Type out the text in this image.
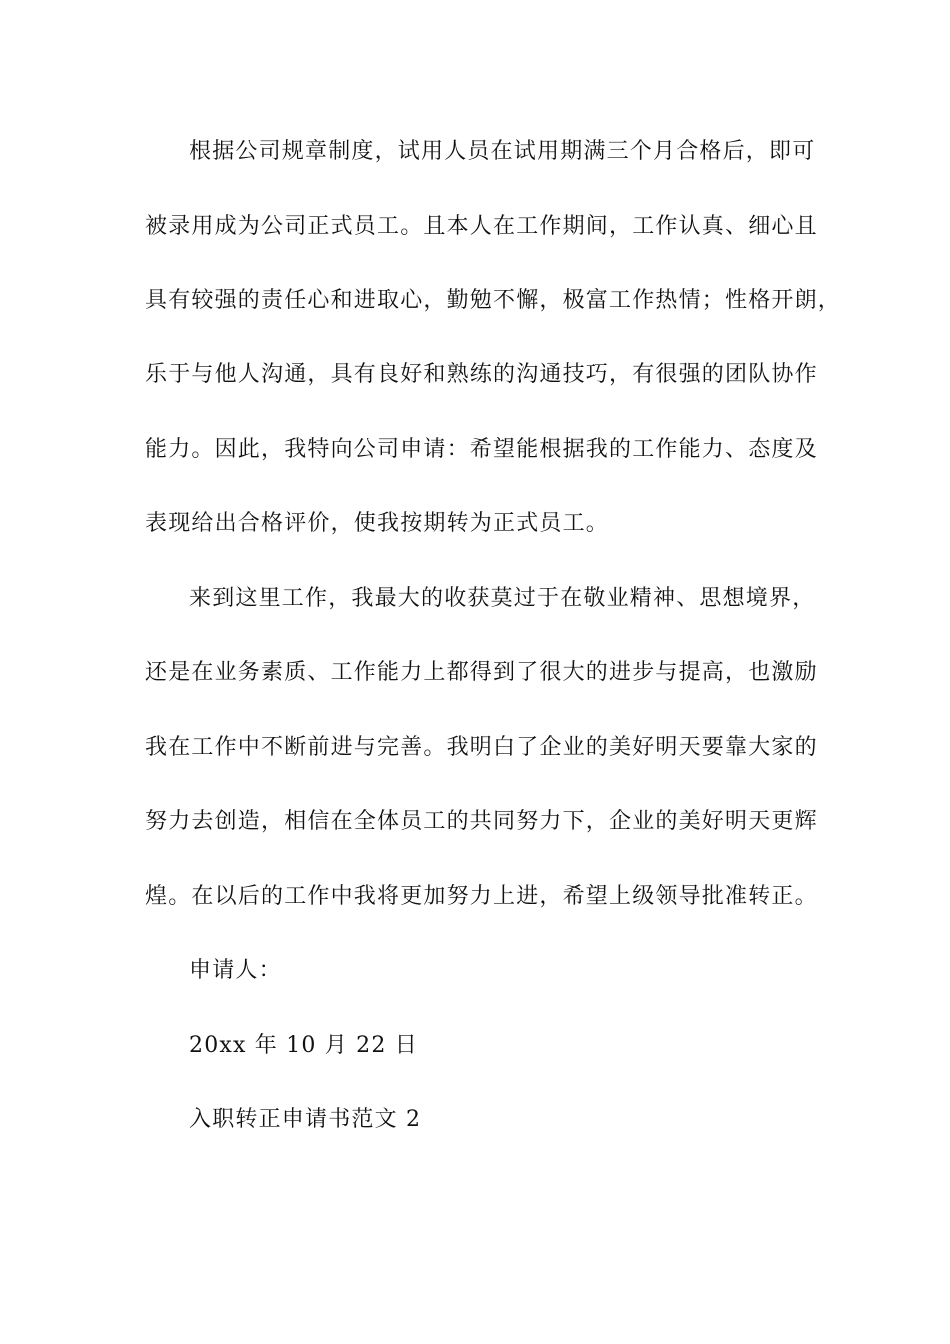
根据公司规章制度，试用人员在试用期满三个月合格后，即可
被录用成为公司正式员工。且本人在工作期间，工作认真、细心且
具有较强的责任心和进取心，勤勉不懈，极富工作热情；性格开朗，
乐于与他人沟通，具有良好和熟练的沟通技巧，有很强的团队协作
能力。因此，我特向公司申请：希望能根据我的工作能力、态度及
表现给出合格评价，使我按期转为正式员工。
来到这里工作，我最大的收获莫过于在敬业精神、思想境界，
还是在业务素质、工作能力上都得到了很大的进步与提高，也激励
我在工作中不断前进与完善。我明白了企业的美好明天要靠大家的
努力去创造，相信在全体员工的共同努力下，企业的美好明天更辉
煌。在以后的工作中我将更加努力上进，希望上级领导批准转正。
申请人：
20xx 年 10 月 22 日
入职转正申请书范文 2
